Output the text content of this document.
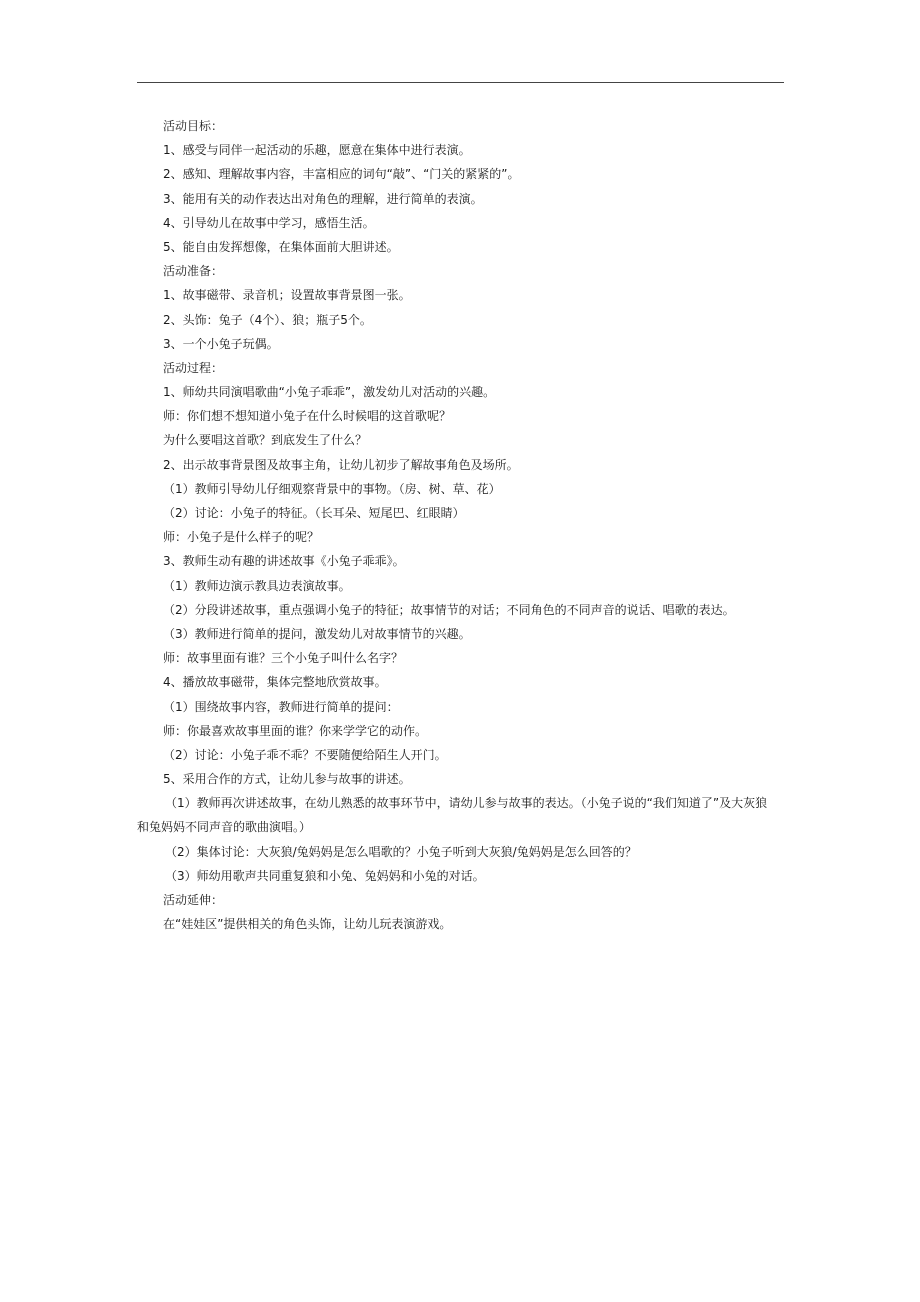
活动目标：
1、感受与同伴一起活动的乐趣，愿意在集体中进行表演。
2、感知、理解故事内容，丰富相应的词句“敲”、“门关的紧紧的”。
3、能用有关的动作表达出对角色的理解，进行简单的表演。
4、引导幼儿在故事中学习，感悟生活。
5、能自由发挥想像，在集体面前大胆讲述。
活动准备：
1、故事磁带、录音机；设置故事背景图一张。
2、头饰：兔子（4个）、狼；瓶子5个。
3、一个小兔子玩偶。
活动过程：
1、师幼共同演唱歌曲“小兔子乖乖”，激发幼儿对活动的兴趣。
师：你们想不想知道小兔子在什么时候唱的这首歌呢？
为什么要唱这首歌？到底发生了什么？
2、出示故事背景图及故事主角，让幼儿初步了解故事角色及场所。
（1）教师引导幼儿仔细观察背景中的事物。（房、树、草、花）
（2）讨论：小兔子的特征。（长耳朵、短尾巴、红眼睛）
师：小兔子是什么样子的呢？
3、教师生动有趣的讲述故事《小兔子乖乖》。
（1）教师边演示教具边表演故事。
（2）分段讲述故事，重点强调小兔子的特征；故事情节的对话；不同角色的不同声音的说话、唱歌的表达。
（3）教师进行简单的提问，激发幼儿对故事情节的兴趣。
师：故事里面有谁？三个小兔子叫什么名字？
4、播放故事磁带，集体完整地欣赏故事。
（1）围绕故事内容，教师进行简单的提问：
师：你最喜欢故事里面的谁？你来学学它的动作。
（2）讨论：小兔子乖不乖？不要随便给陌生人开门。
5、采用合作的方式，让幼儿参与故事的讲述。
（1）教师再次讲述故事，在幼儿熟悉的故事环节中，请幼儿参与故事的表达。（小兔子说的“我们知道了”及大灰狼
和兔妈妈不同声音的歌曲演唱。）
（2）集体讨论：大灰狼/兔妈妈是怎么唱歌的？小兔子听到大灰狼/兔妈妈是怎么回答的？
（3）师幼用歌声共同重复狼和小兔、兔妈妈和小兔的对话。
活动延伸：
在“娃娃区”提供相关的角色头饰，让幼儿玩表演游戏。
